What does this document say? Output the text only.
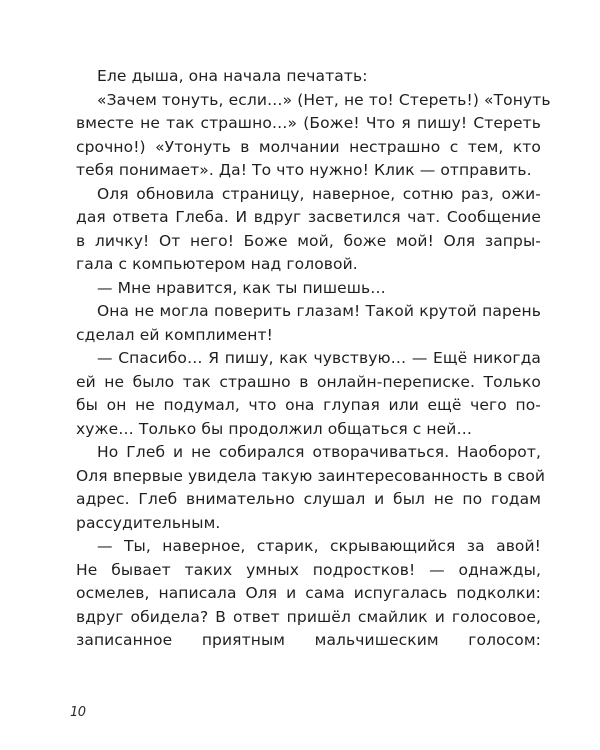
Еле дыша, она начала печатать:
«Зачем тонуть, если…» (Нет, не то! Стереть!) «Тонуть
вместе не так страшно…» (Боже! Что я пишу! Стереть
срочно!) «Утонуть в молчании нестрашно с тем, кто
тебя понимает». Да! То что нужно! Клик — отправить.
Оля обновила страницу, наверное, сотню раз, ожи-
дая ответа Глеба. И вдруг засветился чат. Сообщение
в личку! От него! Боже мой, боже мой! Оля запры-
гала с компьютером над головой.
— Мне нравится, как ты пишешь…
Она не могла поверить глазам! Такой крутой парень
сделал ей комплимент!
— Спасибо… Я пишу, как чувствую… — Ещё никогда
ей не было так страшно в онлайн-переписке. Только
бы он не подумал, что она глупая или ещё чего по-
хуже… Только бы продолжил общаться с ней…
Но Глеб и не собирался отворачиваться. Наоборот,
Оля впервые увидела такую заинтересованность в свой
адрес. Глеб внимательно слушал и был не по годам
рассудительным.
— Ты, наверное, старик, скрывающийся за авой!
Не бывает таких умных подростков! — однажды,
осмелев, написала Оля и сама испугалась подколки:
вдруг обидела? В ответ пришёл смайлик и голосовое,
записанное приятным мальчишеским голосом:
10
